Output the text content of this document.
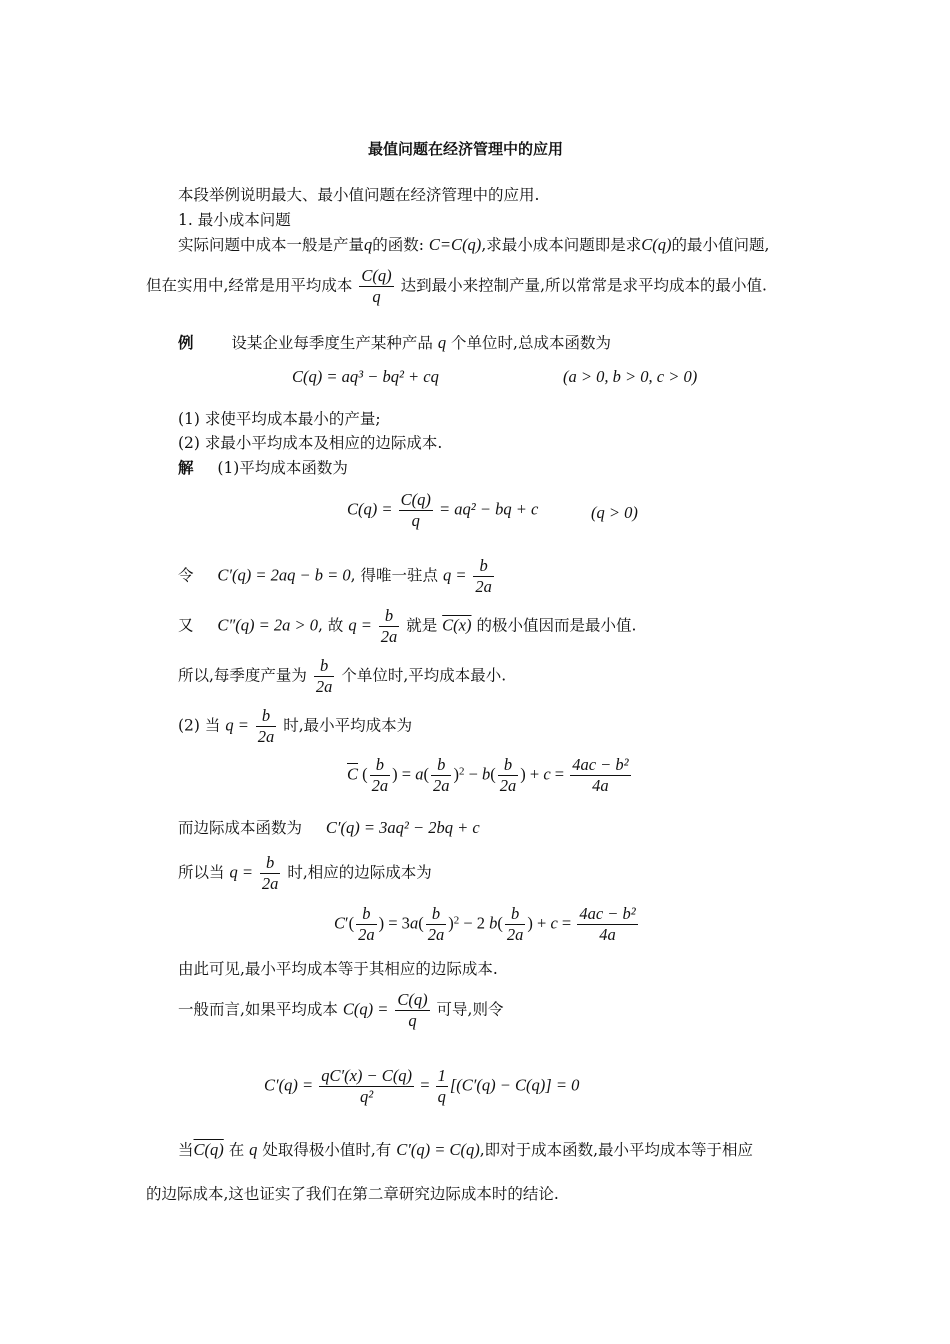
最值问题在经济管理中的应用
本段举例说明最大、最小值问题在经济管理中的应用.
1. 最小成本问题
实际问题中成本一般是产量q的函数: C=C(q),求最小成本问题即是求C(q)的最小值问题,
但在实用中,经常是用平均成本 $\frac{C(q)}{q}$ 达到最小来控制产量,所以常常是求平均成本的最小值.
例 设某企业每季度生产某种产品 q 个单位时,总成本函数为
C(q) = aq³ − bq² + cq	(a > 0, b > 0, c > 0)
(1) 求使平均成本最小的产量;
(2) 求最小平均成本及相应的边际成本.
解 (1)平均成本函数为
$C(q) = \frac{C(q)}{q} = aq^2$ − bq + c	(q > 0)
令 C′(q) = 2aq − b = 0, 得唯一驻点 $q = \frac{b}{2a}$
又 C″(q) = 2a > 0, 故 $q = \frac{b}{2a}$ 就是 C(x) 的极小值因而是最小值.
所以,每季度产量为 $\frac{b}{2a}$ 个单位时,平均成本最小.
(2) 当 $q = \frac{b}{2a}$ 时,最小平均成本为
$\overline{C}$ ( $\frac{b}{2a}$ ) = $a( \frac{b}{2a} )^2 - b( \frac{b}{2a}$ ) + $c = \frac{\text{4ac − b²}}{4a}$
而边际成本函数为 C′(q) = 3aq² − 2bq + c
所以当 $q = \frac{b}{2a}$ 时,相应的边际成本为
$C'( \frac{b}{2a}$ ) = $3a( \frac{b}{2a} )^2 - 2$ $b( \frac{b}{2a}$ ) + $c = \frac{\text{4ac − b²}}{4a}$
由此可见,最小平均成本等于其相应的边际成本.
一般而言,如果平均成本 $C(q) = \frac{C(q)}{q}$ 可导,则令
$C'(q) = \frac{qC'(x) - C(q)}{\text{q²}} = \frac{1}{q} [(C'(q) - C(q)] = 0$
当C(q) 在 q 处取得极小值时,有 C′(q) = C(q),即对于成本函数,最小平均成本等于相应
的边际成本,这也证实了我们在第二章研究边际成本时的结论.
